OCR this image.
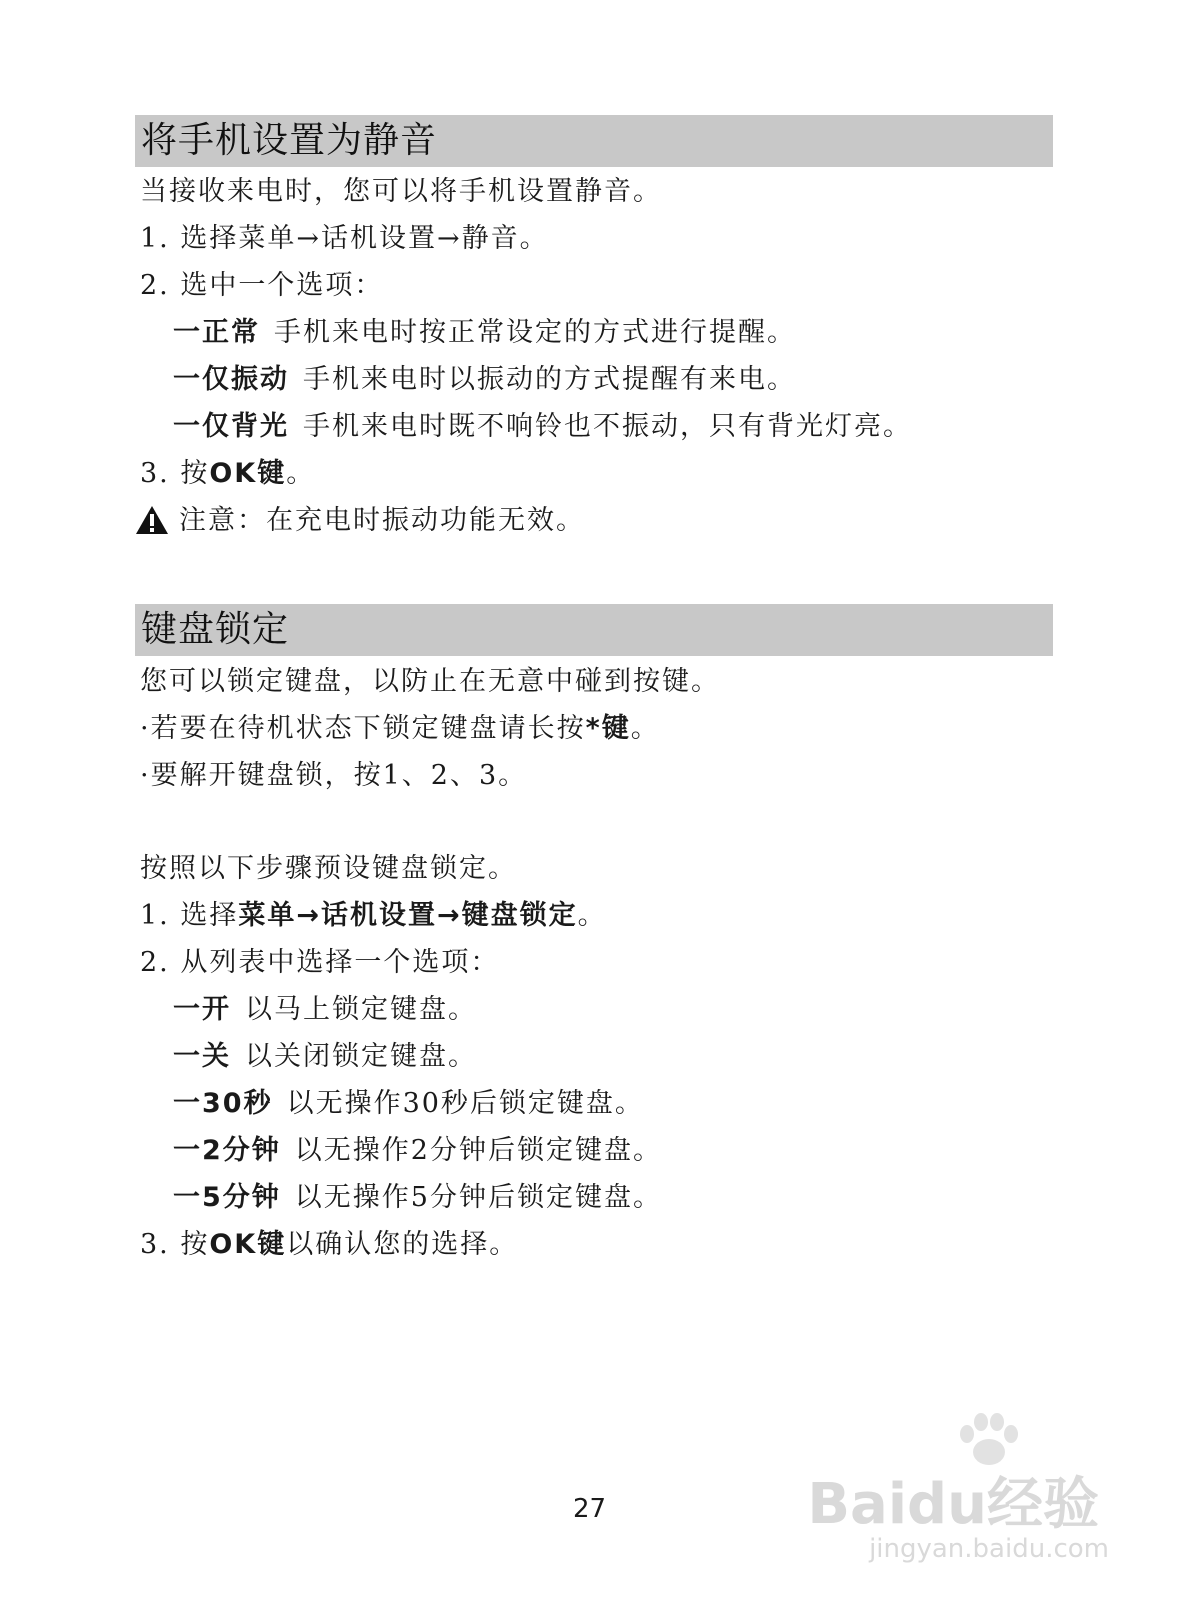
将手机设置为静音
当接收来电时，您可以将手机设置静音。
1. 选择菜单→话机设置→静音。
2. 选中一个选项：
一正常 手机来电时按正常设定的方式进行提醒。
一仅振动 手机来电时以振动的方式提醒有来电。
一仅背光 手机来电时既不响铃也不振动，只有背光灯亮。
3. 按OK键。
注意：在充电时振动功能无效。
键盘锁定
您可以锁定键盘，以防止在无意中碰到按键。
·若要在待机状态下锁定键盘请长按*键。
·要解开键盘锁，按1、2、3。
按照以下步骤预设键盘锁定。
1. 选择菜单→话机设置→键盘锁定。
2. 从列表中选择一个选项：
一开 以马上锁定键盘。
一关 以关闭锁定键盘。
一30秒 以无操作30秒后锁定键盘。
一2分钟 以无操作2分钟后锁定键盘。
一5分钟 以无操作5分钟后锁定键盘。
3. 按OK键以确认您的选择。
27	Baidu经验
jingyan.baidu.com
